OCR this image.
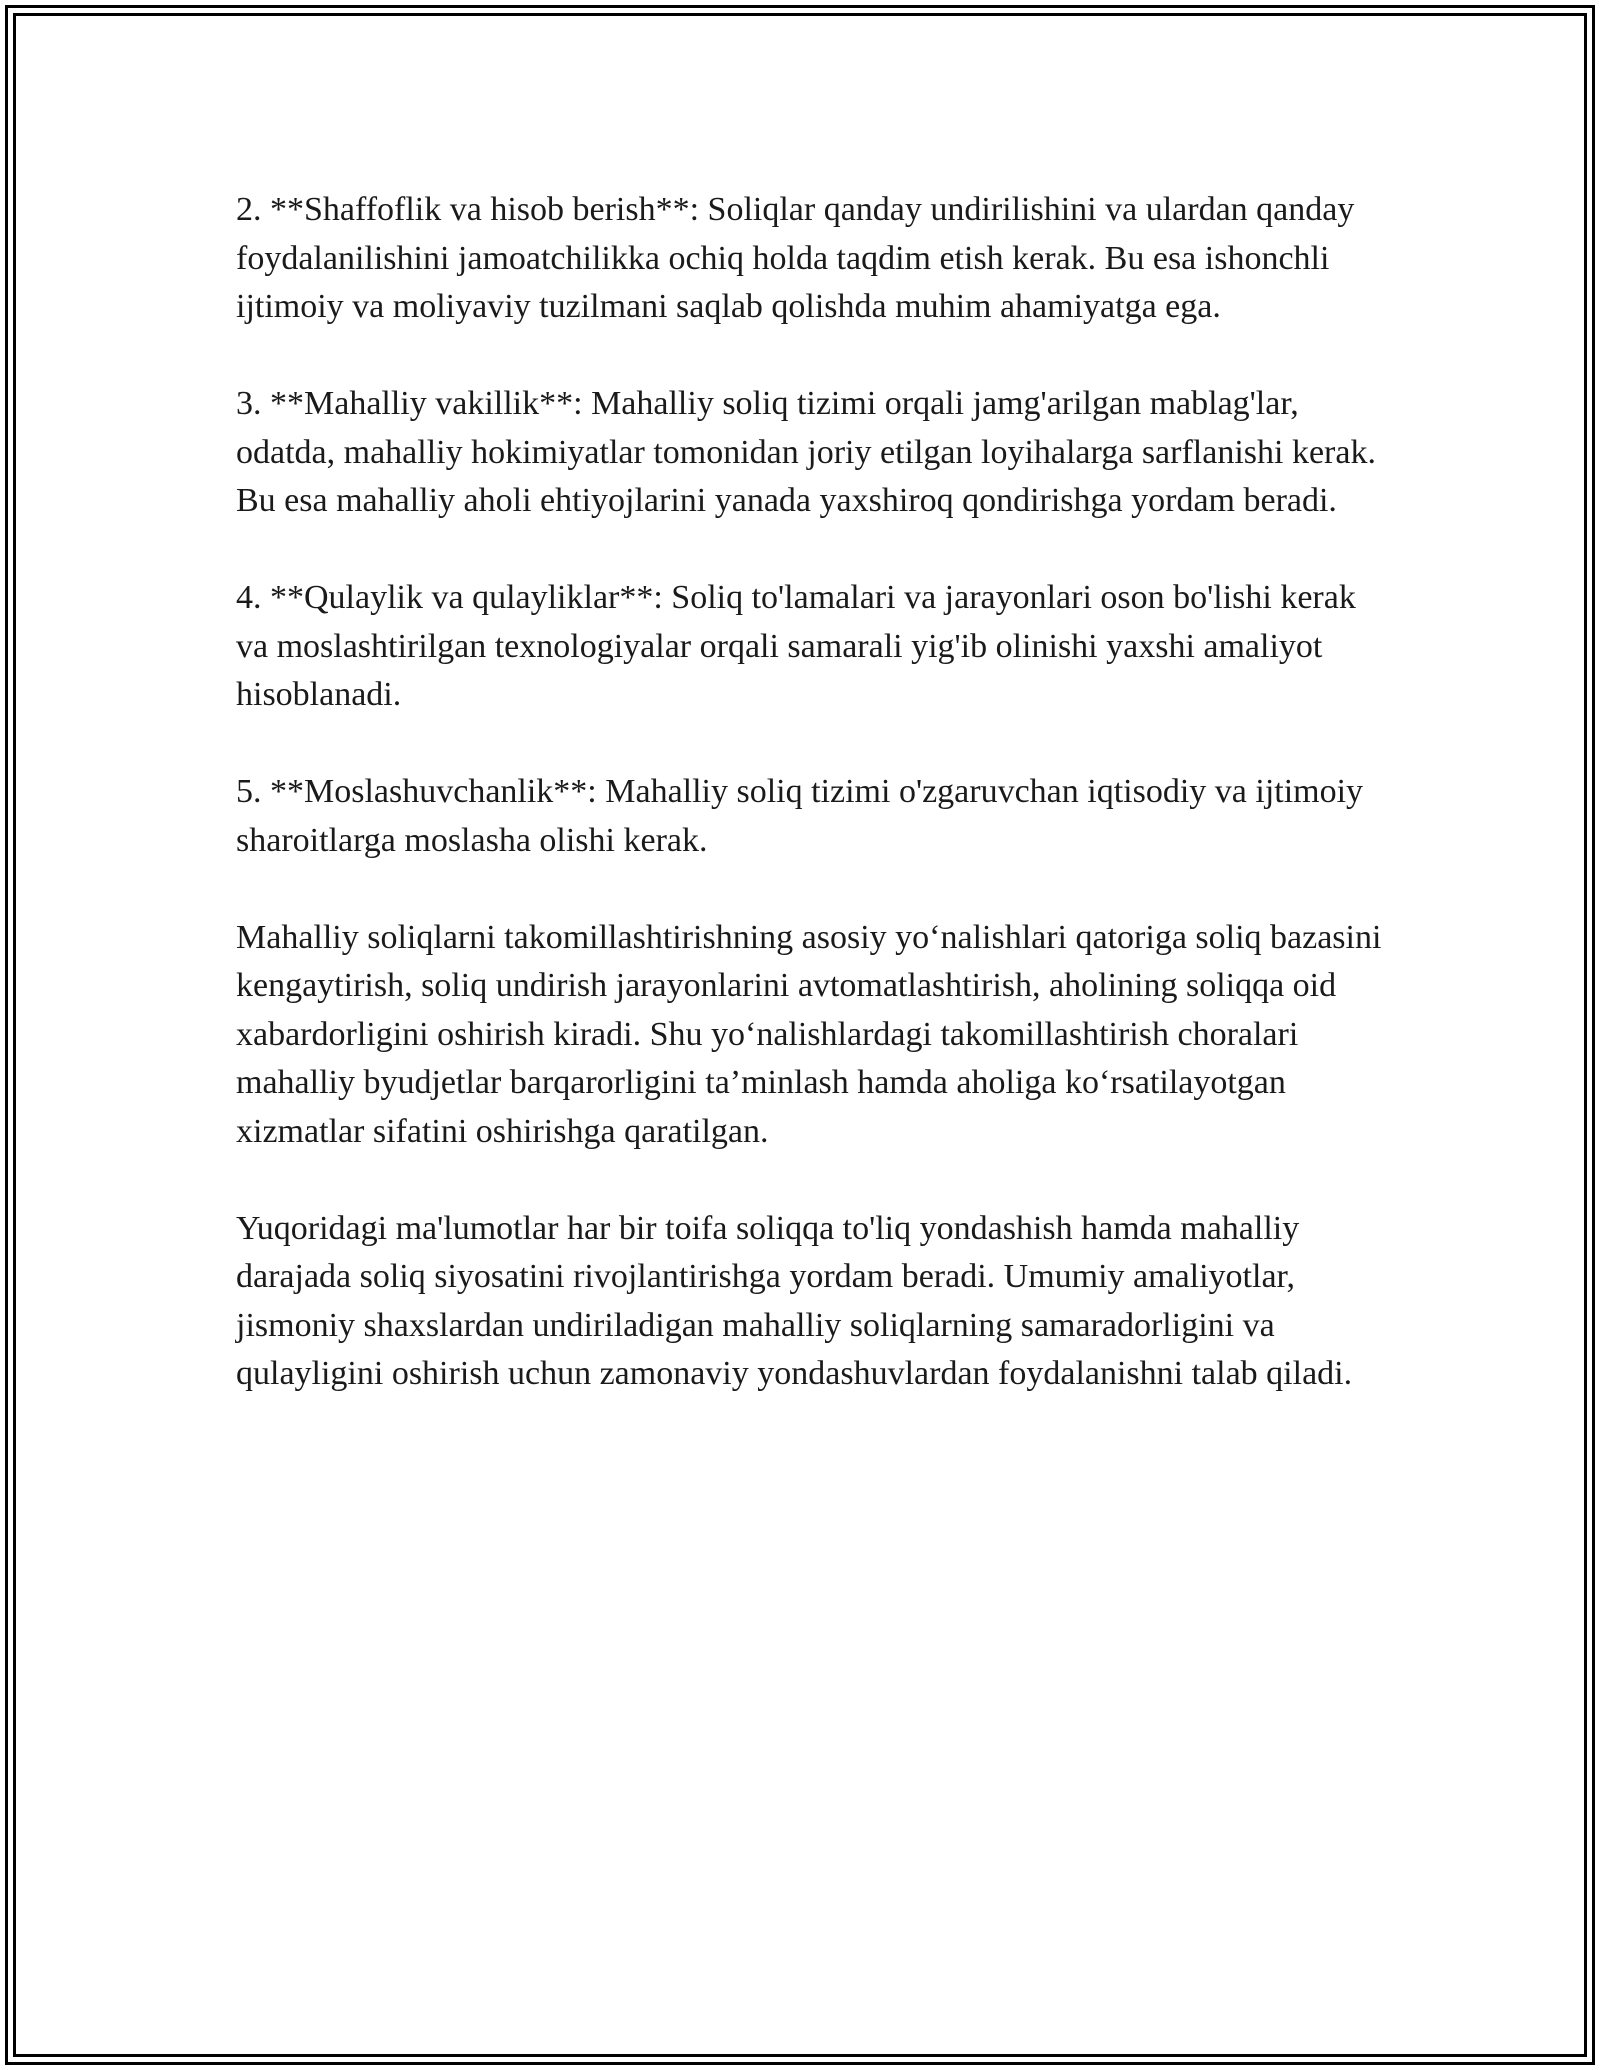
2. **Shaffoflik va hisob berish**: Soliqlar qanday undirilishini va ulardan qanday foydalanilishini jamoatchilikka ochiq holda taqdim etish kerak. Bu esa ishonchli ijtimoiy va moliyaviy tuzilmani saqlab qolishda muhim ahamiyatga ega.

3. **Mahalliy vakillik**: Mahalliy soliq tizimi orqali jamg'arilgan mablag'lar, odatda, mahalliy hokimiyatlar tomonidan joriy etilgan loyihalarga sarflanishi kerak. Bu esa mahalliy aholi ehtiyojlarini yanada yaxshiroq qondirishga yordam beradi.

4. **Qulaylik va qulayliklar**: Soliq to'lamalari va jarayonlari oson bo'lishi kerak va moslashtirilgan texnologiyalar orqali samarali yig'ib olinishi yaxshi amaliyot hisoblanadi.

5. **Moslashuvchanlik**: Mahalliy soliq tizimi o'zgaruvchan iqtisodiy va ijtimoiy sharoitlarga moslasha olishi kerak.

Mahalliy soliqlarni takomillashtirishning asosiy yo‘nalishlari qatoriga soliq bazasini kengaytirish, soliq undirish jarayonlarini avtomatlashtirish, aholining soliqqa oid xabardorligini oshirish kiradi. Shu yo‘nalishlardagi takomillashtirish choralari mahalliy byudjetlar barqarorligini ta’minlash hamda aholiga ko‘rsatilayotgan xizmatlar sifatini oshirishga qaratilgan.

Yuqoridagi ma'lumotlar har bir toifa soliqqa to'liq yondashish hamda mahalliy darajada soliq siyosatini rivojlantirishga yordam beradi. Umumiy amaliyotlar, jismoniy shaxslardan undiriladigan mahalliy soliqlarning samaradorligini va qulayligini oshirish uchun zamonaviy yondashuvlardan foydalanishni talab qiladi.
